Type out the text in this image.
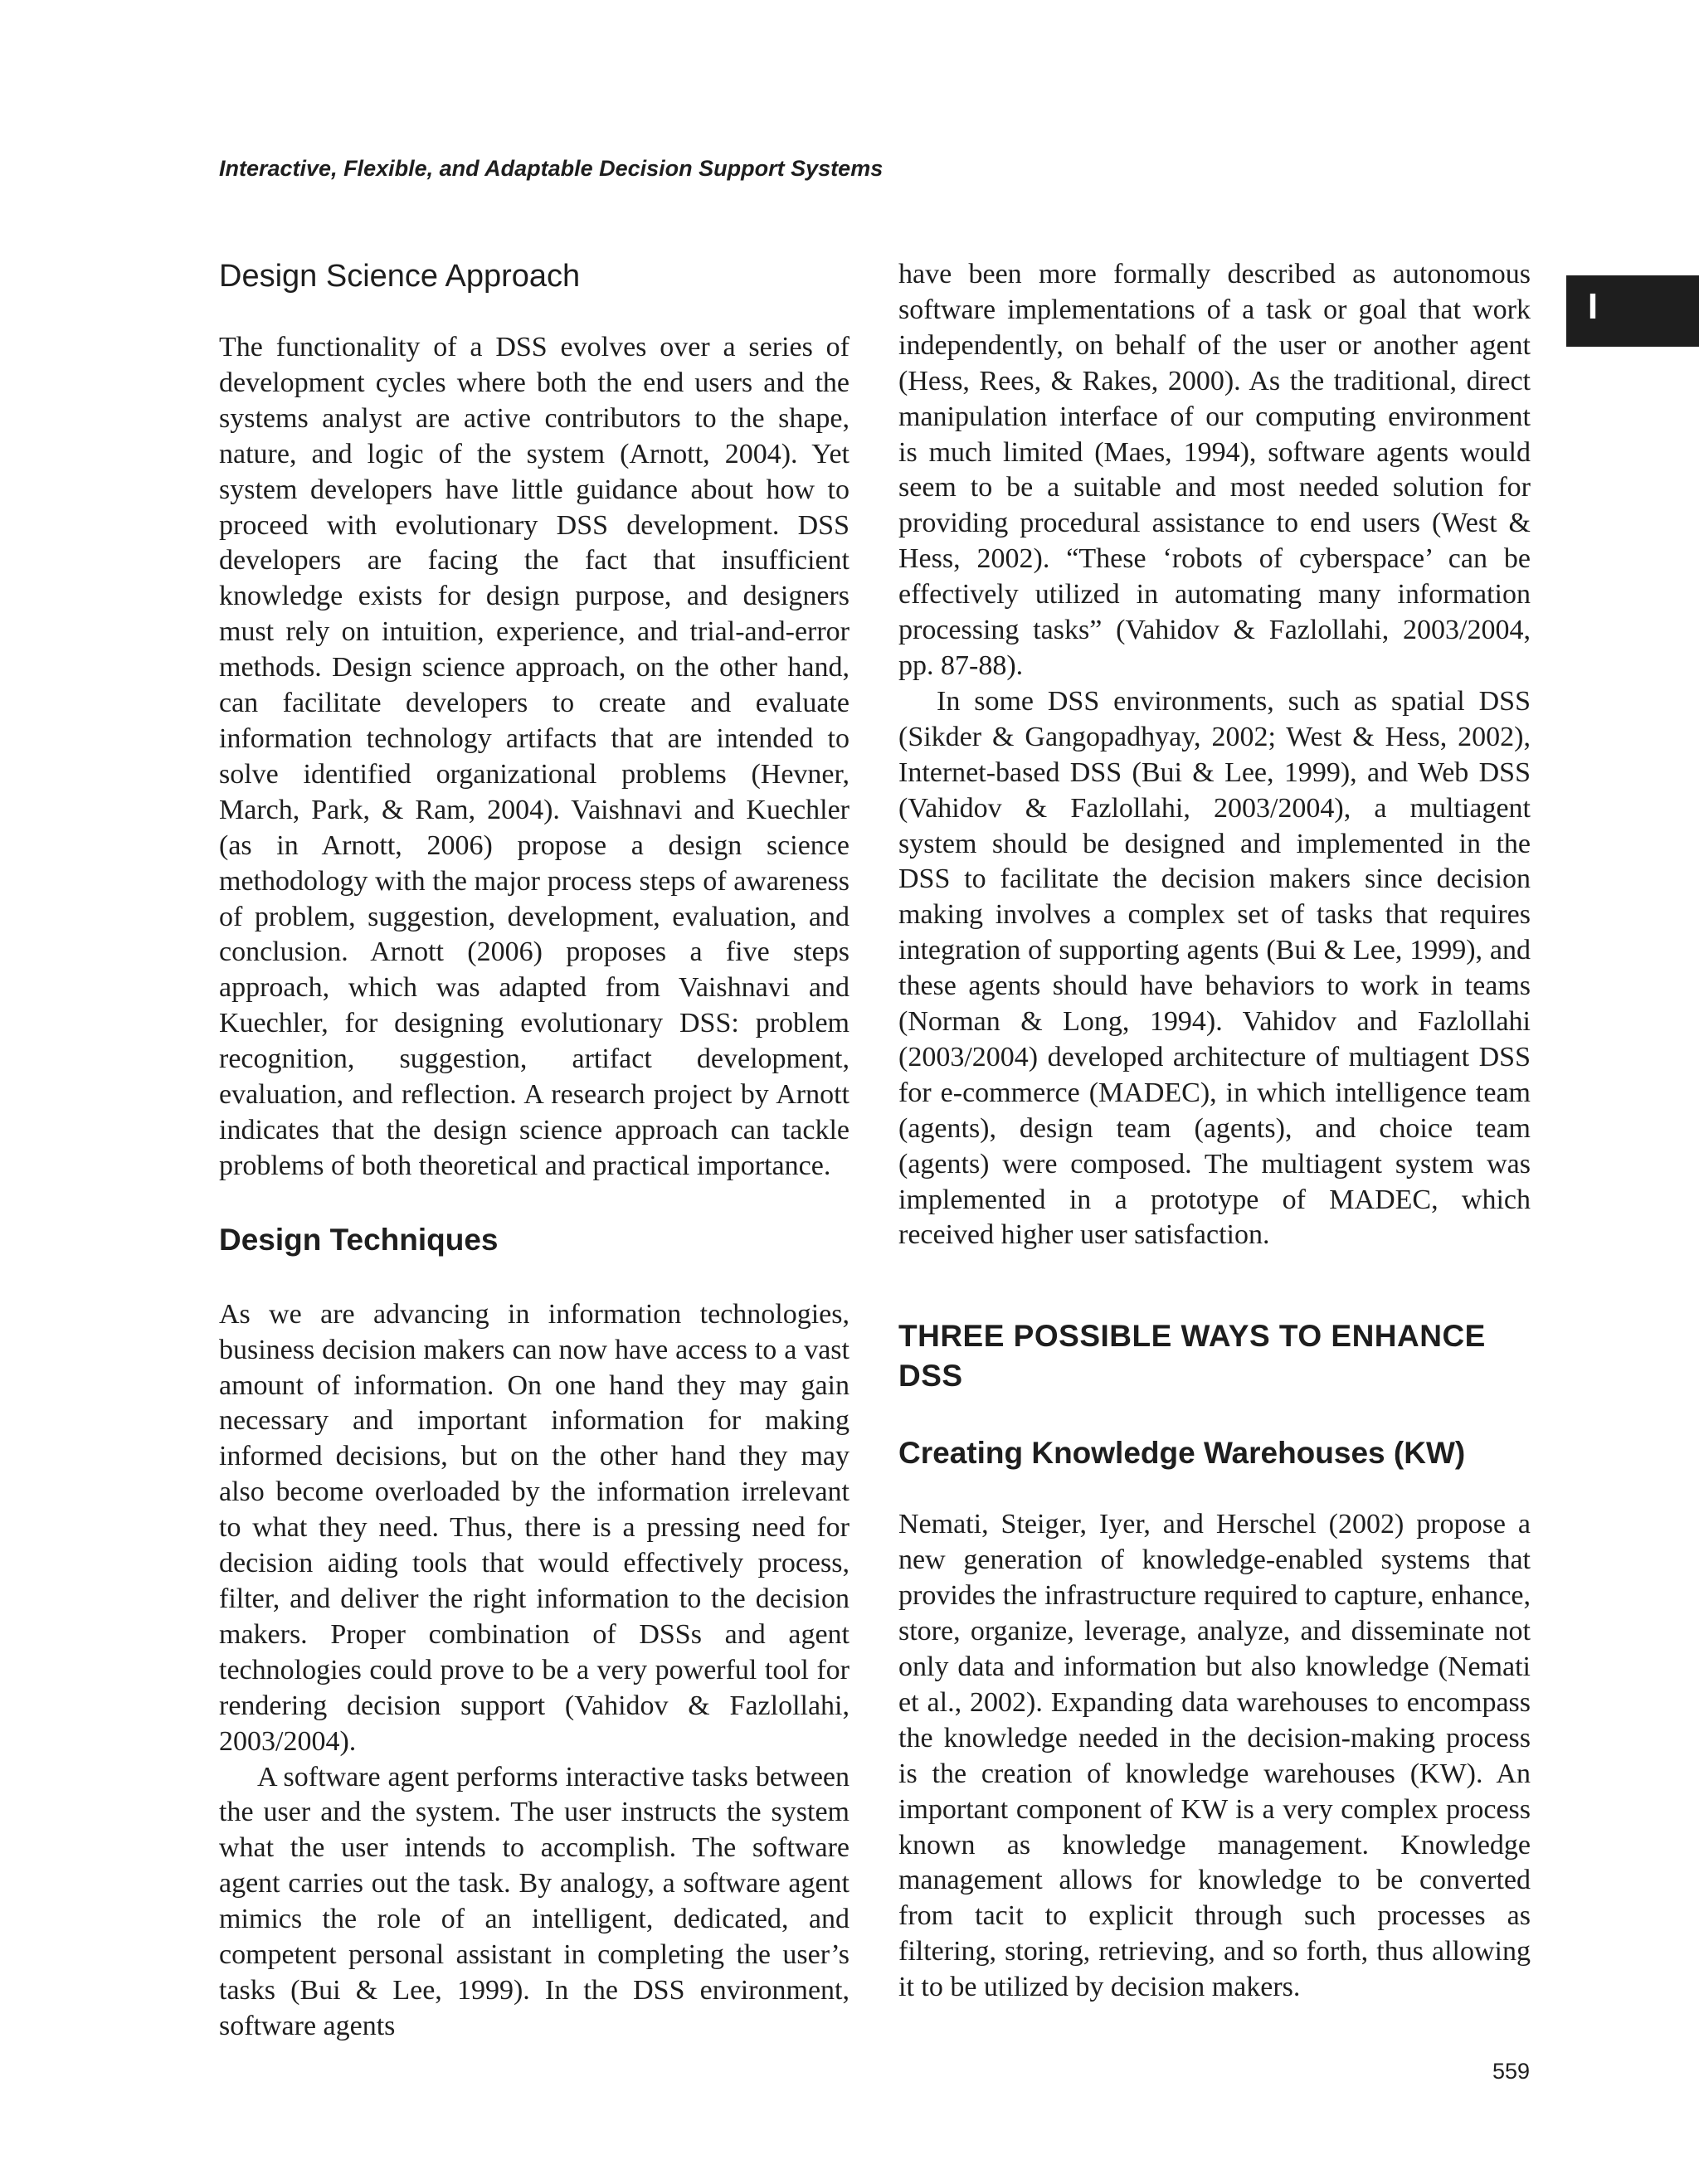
Interactive, Flexible, and Adaptable Decision Support Systems
I
Design Science Approach

The functionality of a DSS evolves over a series of development cycles where both the end users and the systems analyst are active contributors to the shape, nature, and logic of the system (Arnott, 2004). Yet system developers have little guidance about how to proceed with evolutionary DSS development. DSS developers are facing the fact that insufficient knowledge exists for design purpose, and designers must rely on intuition, experience, and trial-and-error methods. Design science approach, on the other hand, can facilitate developers to create and evaluate information technology artifacts that are intended to solve identified organizational problems (Hevner, March, Park, & Ram, 2004). Vaishnavi and Kuechler (as in Arnott, 2006) propose a design science methodology with the major process steps of awareness of problem, suggestion, development, evaluation, and conclusion. Arnott (2006) proposes a five steps approach, which was adapted from Vaishnavi and Kuechler, for designing evolutionary DSS: problem recognition, suggestion, artifact development, evaluation, and reflection. A research project by Arnott indicates that the design science approach can tackle problems of both theoretical and practical importance.

Design Techniques

As we are advancing in information technologies, business decision makers can now have access to a vast amount of information. On one hand they may gain necessary and important information for making informed decisions, but on the other hand they may also become overloaded by the information irrelevant to what they need. Thus, there is a pressing need for decision aiding tools that would effectively process, filter, and deliver the right information to the decision makers. Proper combination of DSSs and agent technologies could prove to be a very powerful tool for rendering decision support (Vahidov & Fazlollahi, 2003/2004).

A software agent performs interactive tasks between the user and the system. The user instructs the system what the user intends to accomplish. The software agent carries out the task. By analogy, a software agent mimics the role of an intelligent, dedicated, and competent personal assistant in completing the user’s tasks (Bui & Lee, 1999). In the DSS environment, software agents

have been more formally described as autonomous software implementations of a task or goal that work independently, on behalf of the user or another agent (Hess, Rees, & Rakes, 2000). As the traditional, direct manipulation interface of our computing environment is much limited (Maes, 1994), software agents would seem to be a suitable and most needed solution for providing procedural assistance to end users (West & Hess, 2002). “These ‘robots of cyberspace’ can be effectively utilized in automating many information processing tasks” (Vahidov & Fazlollahi, 2003/2004, pp. 87-88).

In some DSS environments, such as spatial DSS (Sikder & Gangopadhyay, 2002; West & Hess, 2002), Internet-based DSS (Bui & Lee, 1999), and Web DSS (Vahidov & Fazlollahi, 2003/2004), a multiagent system should be designed and implemented in the DSS to facilitate the decision makers since decision making involves a complex set of tasks that requires integration of supporting agents (Bui & Lee, 1999), and these agents should have behaviors to work in teams (Norman & Long, 1994). Vahidov and Fazlollahi (2003/2004) developed architecture of multiagent DSS for e-commerce (MADEC), in which intelligence team (agents), design team (agents), and choice team (agents) were composed. The multiagent system was implemented in a prototype of MADEC, which received higher user satisfaction.

THREE POSSIBLE WAYS TO ENHANCE DSS
Creating Knowledge Warehouses (KW)

Nemati, Steiger, Iyer, and Herschel (2002) propose a new generation of knowledge-enabled systems that provides the infrastructure required to capture, enhance, store, organize, leverage, analyze, and disseminate not only data and information but also knowledge (Nemati et al., 2002). Expanding data warehouses to encompass the knowledge needed in the decision-making process is the creation of knowledge warehouses (KW). An important component of KW is a very complex process known as knowledge management. Knowledge management allows for knowledge to be converted from tacit to explicit through such processes as filtering, storing, retrieving, and so forth, thus allowing it to be utilized by decision makers.

559
